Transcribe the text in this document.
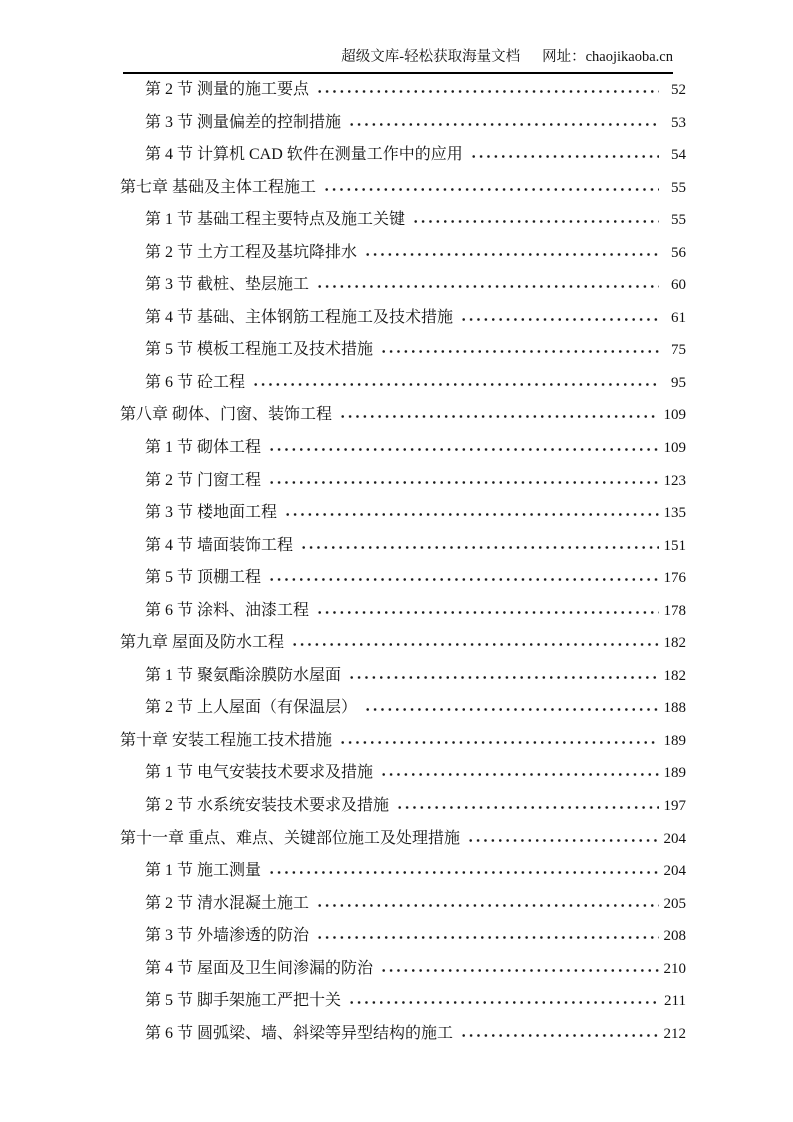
超级文库-轻松获取海量文档 网址：chaojikaoba.cn
第 2 节 测量的施工要点	52
第 3 节 测量偏差的控制措施	53
第 4 节 计算机 CAD 软件在测量工作中的应用	54
第七章 基础及主体工程施工	55
第 1 节 基础工程主要特点及施工关键	55
第 2 节 土方工程及基坑降排水	56
第 3 节 截桩、垫层施工	60
第 4 节 基础、主体钢筋工程施工及技术措施	61
第 5 节 模板工程施工及技术措施	75
第 6 节 砼工程	95
第八章 砌体、门窗、装饰工程	109
第 1 节 砌体工程	109
第 2 节 门窗工程	123
第 3 节 楼地面工程	135
第 4 节 墙面装饰工程	151
第 5 节 顶棚工程	176
第 6 节 涂料、油漆工程	178
第九章 屋面及防水工程	182
第 1 节 聚氨酯涂膜防水屋面	182
第 2 节 上人屋面（有保温层）	188
第十章 安装工程施工技术措施	189
第 1 节 电气安装技术要求及措施	189
第 2 节 水系统安装技术要求及措施	197
第十一章 重点、难点、关键部位施工及处理措施	204
第 1 节 施工测量	204
第 2 节 清水混凝土施工	205
第 3 节 外墙渗透的防治	208
第 4 节 屋面及卫生间渗漏的防治	210
第 5 节 脚手架施工严把十关	211
第 6 节 圆弧梁、墙、斜梁等异型结构的施工	212
